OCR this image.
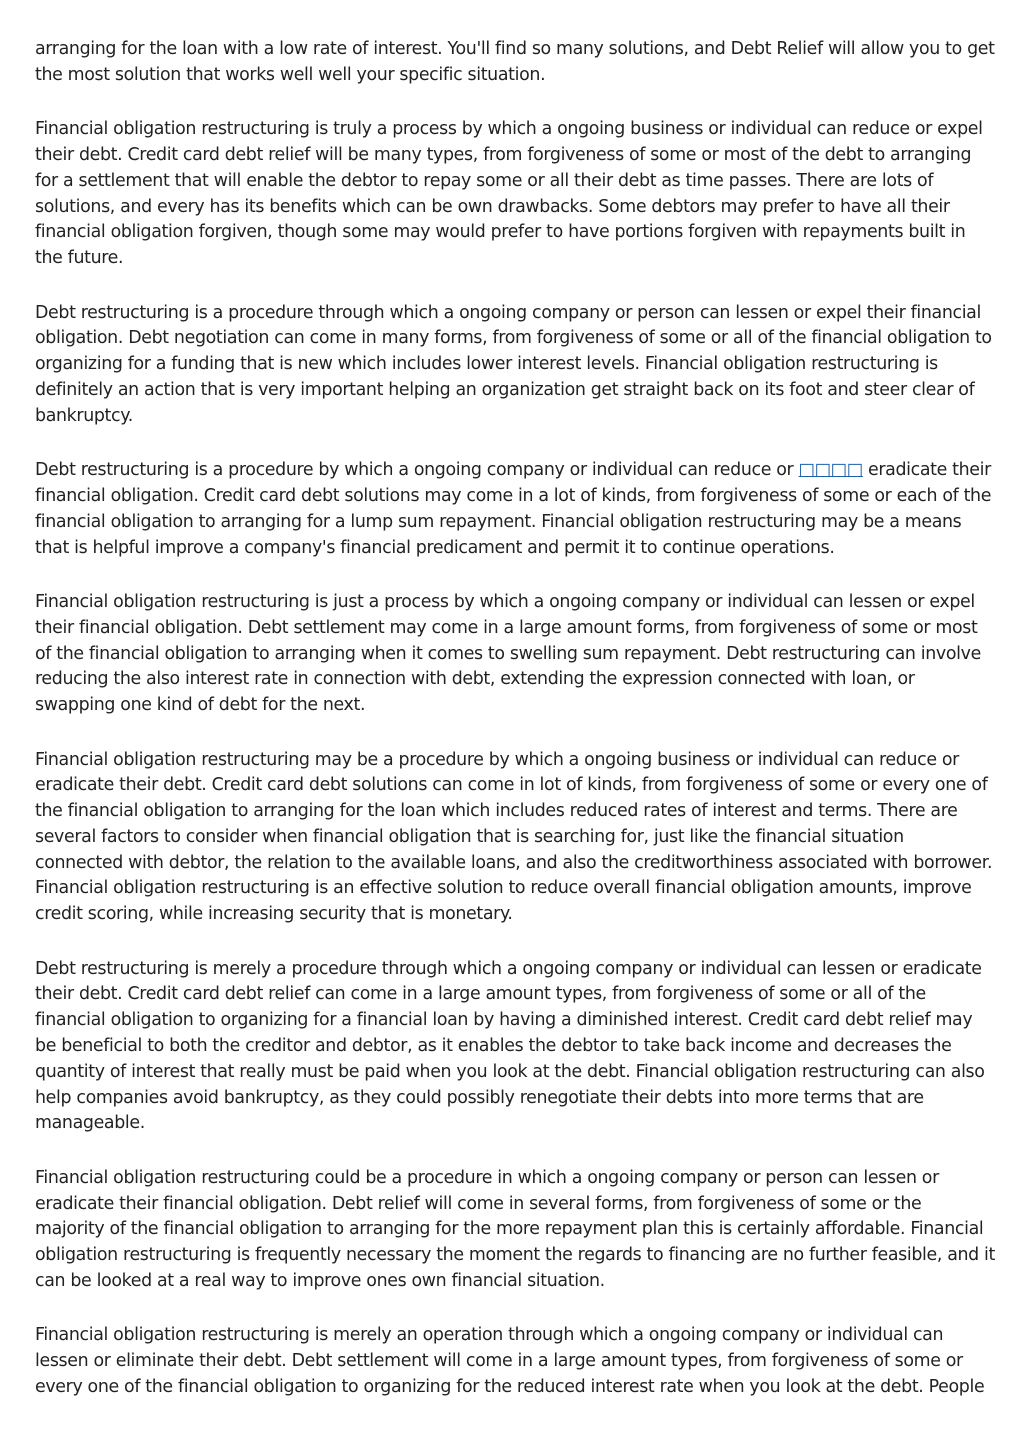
arranging for the loan with a low rate of interest. You'll find so many solutions, and Debt Relief will allow you to get the most solution that works well well your specific situation.

Financial obligation restructuring is truly a process by which a ongoing business or individual can reduce or expel their debt. Credit card debt relief will be many types, from forgiveness of some or most of the debt to arranging for a settlement that will enable the debtor to repay some or all their debt as time passes. There are lots of solutions, and every has its benefits which can be own drawbacks. Some debtors may prefer to have all their financial obligation forgiven, though some may would prefer to have portions forgiven with repayments built in the future.

Debt restructuring is a procedure through which a ongoing company or person can lessen or expel their financial obligation. Debt negotiation can come in many forms, from forgiveness of some or all of the financial obligation to organizing for a funding that is new which includes lower interest levels. Financial obligation restructuring is definitely an action that is very important helping an organization get straight back on its foot and steer clear of bankruptcy.

Debt restructuring is a procedure by which a ongoing company or individual can reduce or □□□□ eradicate their financial obligation. Credit card debt solutions may come in a lot of kinds, from forgiveness of some or each of the financial obligation to arranging for a lump sum repayment. Financial obligation restructuring may be a means that is helpful improve a company's financial predicament and permit it to continue operations.

Financial obligation restructuring is just a process by which a ongoing company or individual can lessen or expel their financial obligation. Debt settlement may come in a large amount forms, from forgiveness of some or most of the financial obligation to arranging when it comes to swelling sum repayment. Debt restructuring can involve reducing the also interest rate in connection with debt, extending the expression connected with loan, or swapping one kind of debt for the next.

Financial obligation restructuring may be a procedure by which a ongoing business or individual can reduce or eradicate their debt. Credit card debt solutions can come in lot of kinds, from forgiveness of some or every one of the financial obligation to arranging for the loan which includes reduced rates of interest and terms. There are several factors to consider when financial obligation that is searching for, just like the financial situation connected with debtor, the relation to the available loans, and also the creditworthiness associated with borrower. Financial obligation restructuring is an effective solution to reduce overall financial obligation amounts, improve credit scoring, while increasing security that is monetary.

Debt restructuring is merely a procedure through which a ongoing company or individual can lessen or eradicate their debt. Credit card debt relief can come in a large amount types, from forgiveness of some or all of the financial obligation to organizing for a financial loan by having a diminished interest. Credit card debt relief may be beneficial to both the creditor and debtor, as it enables the debtor to take back income and decreases the quantity of interest that really must be paid when you look at the debt. Financial obligation restructuring can also help companies avoid bankruptcy, as they could possibly renegotiate their debts into more terms that are manageable.

Financial obligation restructuring could be a procedure in which a ongoing company or person can lessen or eradicate their financial obligation. Debt relief will come in several forms, from forgiveness of some or the majority of the financial obligation to arranging for the more repayment plan this is certainly affordable. Financial obligation restructuring is frequently necessary the moment the regards to financing are no further feasible, and it can be looked at a real way to improve ones own financial situation.

Financial obligation restructuring is merely an operation through which a ongoing company or individual can lessen or eliminate their debt. Debt settlement will come in a large amount types, from forgiveness of some or every one of the financial obligation to organizing for the reduced interest rate when you look at the debt. People
